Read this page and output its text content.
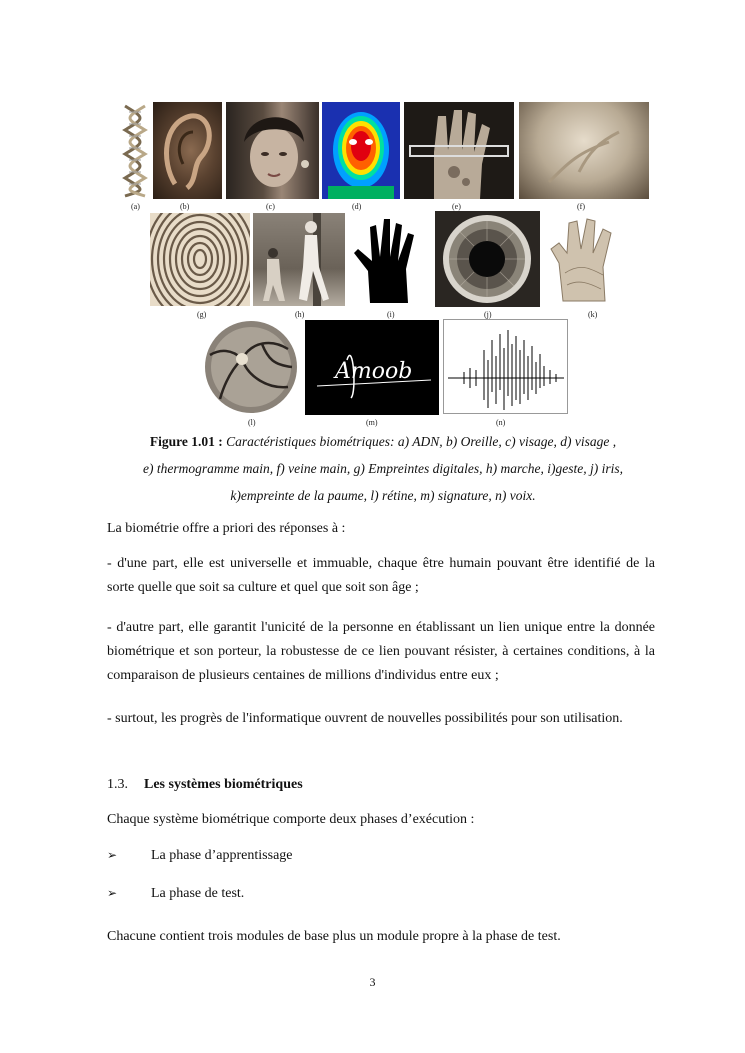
(a)	(b)	(c)	(d)	(e)	(f)
(g)	(h)	(i)	(j)	(k)
Amoob
(l)	(m)	(n)
Figure 1.01 : Caractéristiques biométriques: a) ADN, b) Oreille, c) visage, d) visage ,
e) thermogramme main, f) veine main, g) Empreintes digitales, h) marche, i)geste, j) iris,
k)empreinte de la paume, l) rétine, m) signature, n) voix.
La biométrie offre a priori des réponses à :
- d'une part, elle est universelle et immuable, chaque être humain pouvant être identifié de la sorte quelle que soit sa culture et quel que soit son âge ;
- d'autre part, elle garantit l'unicité de la personne en établissant un lien unique entre la donnée biométrique et son porteur, la robustesse de ce lien pouvant résister, à certaines conditions, à la comparaison de plusieurs centaines de millions d'individus entre eux ;
- surtout, les progrès de l'informatique ouvrent de nouvelles possibilités pour son utilisation.
1.3. Les systèmes biométriques
Chaque système biométrique comporte deux phases d’exécution :
➢ La phase d’apprentissage
➢ La phase de test.
Chacune contient trois modules de base plus un module propre à la phase de test.
3
